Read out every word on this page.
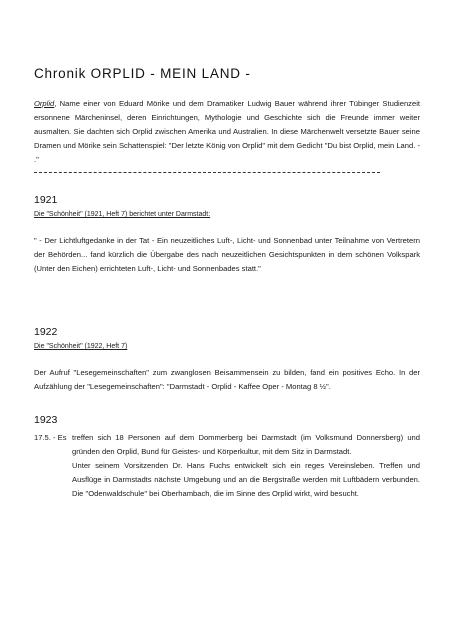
Chronik ORPLID - MEIN LAND -
Orplid, Name einer von Eduard Mörike und dem Dramatiker Ludwig Bauer während ihrer Tübinger Studienzeit ersonnene Märcheninsel, deren Einrichtungen, Mythologie und Geschichte sich die Freunde immer weiter ausmalten. Sie dachten sich Orplid zwischen Amerika und Australien. In diese Märchenwelt versetzte Bauer seine Dramen und Mörike sein Schattenspiel: "Der letzte König von Orplid" mit dem Gedicht "Du bist Orplid, mein Land. - ."
1921
Die "Schönheit" (1921, Heft 7) berichtet unter Darmstadt:
" - Der Lichtluftgedanke in der Tat - Ein neuzeitliches Luft-, Licht- und Sonnenbad unter Teilnahme von Vertretern der Behörden... fand kürzlich die Übergabe des nach neuzeitlichen Gesichtspunkten in dem schönen Volkspark (Unter den Eichen) errichteten Luft-, Licht- und Sonnenbades statt."
1922
Die "Schönheit" (1922, Heft 7)
Der Aufruf "Lesegemeinschaften" zum zwanglosen Beisammensein zu bilden, fand ein positives Echo. In der Aufzählung der "Lesegemeinschaften": "Darmstadt - Orplid - Kaffee Oper - Montag 8 ½".
1923
17.5. - Es treffen sich 18 Personen auf dem Dommerberg bei Darmstadt (im Volksmund Donnersberg) und gründen den Orplid, Bund für Geistes- und Körperkultur, mit dem Sitz in Darmstadt.
Unter seinem Vorsitzenden Dr. Hans Fuchs entwickelt sich ein reges Vereinsleben. Treffen und Ausflüge in Darmstadts nächste Umgebung und an die Bergstraße werden mit Luftbädern verbunden. Die "Odenwaldschule" bei Oberhambach, die im Sinne des Orplid wirkt, wird besucht.
